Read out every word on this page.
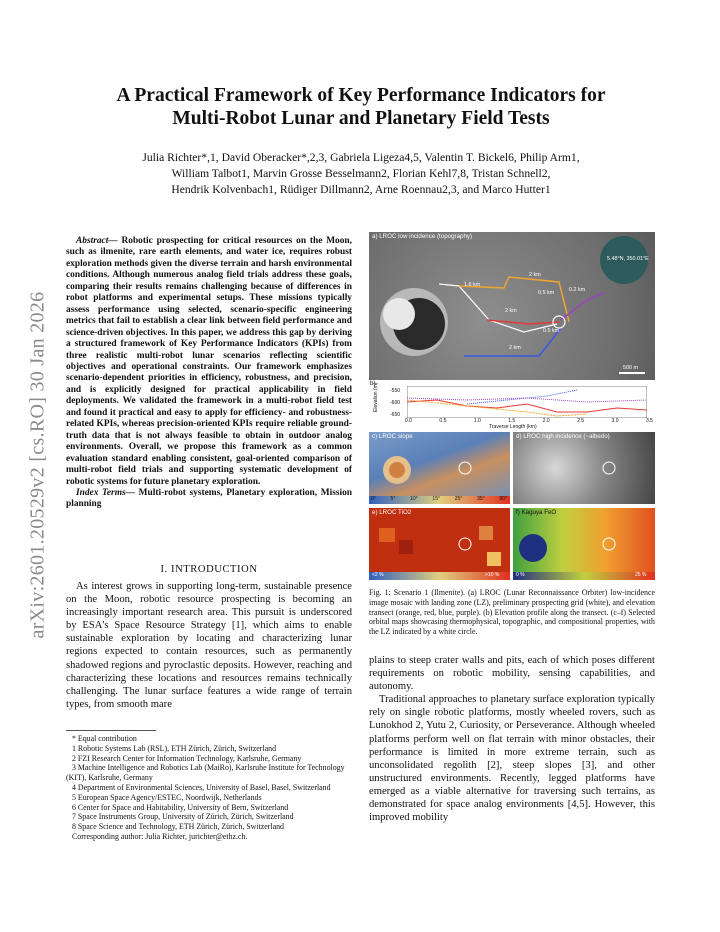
arXiv:2601.20529v2 [cs.RO] 30 Jan 2026
A Practical Framework of Key Performance Indicators for
Multi-Robot Lunar and Planetary Field Tests
Julia Richter*,1, David Oberacker*,2,3, Gabriela Ligeza4,5, Valentin T. Bickel6, Philip Arm1,
William Talbot1, Marvin Grosse Besselmann2, Florian Kehl7,8, Tristan Schnell2,
Hendrik Kolvenbach1, Rüdiger Dillmann2, Arne Roennau2,3, and Marco Hutter1

Abstract— Robotic prospecting for critical resources on the Moon, such as ilmenite, rare earth elements, and water ice, requires robust exploration methods given the diverse terrain and harsh environmental conditions. Although numerous analog field trials address these goals, comparing their results remains challenging because of differences in robot platforms and experimental setups. These missions typically assess performance using selected, scenario-specific engineering metrics that fail to establish a clear link between field performance and science-driven objectives. In this paper, we address this gap by deriving a structured framework of Key Performance Indicators (KPIs) from three realistic multi-robot lunar scenarios reflecting scientific objectives and operational constraints. Our framework emphasizes scenario-dependent priorities in efficiency, robustness, and precision, and is explicitly designed for practical applicability in field deployments. We validated the framework in a multi-robot field test and found it practical and easy to apply for efficiency- and robustness-related KPIs, whereas precision-oriented KPIs require reliable ground-truth data that is not always feasible to obtain in outdoor analog environments. Overall, we propose this framework as a common evaluation standard enabling consistent, goal-oriented comparison of multi-robot field trials and supporting systematic development of robotic systems for future planetary exploration.

Index Terms— Multi-robot systems, Planetary exploration, Mission planning

I. INTRODUCTION

As interest grows in supporting long-term, sustainable presence on the Moon, robotic resource prospecting is becoming an increasingly important research area. This pursuit is underscored by ESA's Space Resource Strategy [1], which aims to enable sustainable exploration by locating and characterizing lunar regions expected to contain resources, such as permanently shadowed regions and pyroclastic deposits. However, reaching and characterizing these locations and resources remains technically challenging. The lunar surface features a wide range of terrain types, from smooth mare

* Equal contribution
1 Robotic Systems Lab (RSL), ETH Zürich, Zürich, Switzerland
2 FZI Research Center for Information Technology, Karlsruhe, Germany
3 Machine Intelligence and Robotics Lab (MaiRo), Karlsruhe Institute for Technology (KIT), Karlsruhe, Germany
4 Department of Environmental Sciences, University of Basel, Basel, Switzerland
5 European Space Agency/ESTEC, Noordwijk, Netherlands
6 Center for Space and Habitability, University of Bern, Switzerland
7 Space Instruments Group, University of Zürich, Zürich, Switzerland
8 Space Science and Technology, ETH Zürich, Zürich, Switzerland
Corresponding author: Julia Richter, jurichter@ethz.ch.
a) LROC low incidence (topography)
5.48°N, 350.01°E
2 km
1.6 km
0.5 km	0.2 km
2 km
0.5 km
2 km
500 m
b)
Elevation (m) -550
-600
-650
0.0	0.5	1.0	1.5	2.0	2.5	3.0	3.5
Traverse Length (km)
c) LROC slope
0°	5°	10°	15°	25°	35°	90°
d) LROC high incidence (~albedo)
e) LROC TiO2
<2 %	>10 %
f) Kaguya FeO
0 %	25 %
Fig. 1: Scenario 1 (Ilmenite). (a) LROC (Lunar Reconnaissance Orbiter) low-incidence image mosaic with landing zone (LZ), preliminary prospecting grid (white), and elevation transect (orange, red, blue, purple). (b) Elevation profile along the transect. (c–f) Selected orbital maps showcasing thermophysical, topographic, and compositional properties, with the LZ indicated by a white circle.

plains to steep crater walls and pits, each of which poses different requirements on robotic mobility, sensing capabilities, and autonomy.

Traditional approaches to planetary surface exploration typically rely on single robotic platforms, mostly wheeled rovers, such as Lunokhod 2, Yutu 2, Curiosity, or Perseverance. Although wheeled platforms perform well on flat terrain with minor obstacles, their performance is limited in more extreme terrain, such as unconsolidated regolith [2], steep slopes [3], and other unstructured environments. Recently, legged platforms have emerged as a viable alternative for traversing such terrains, as demonstrated for space analog environments [4,5]. However, this improved mobility
